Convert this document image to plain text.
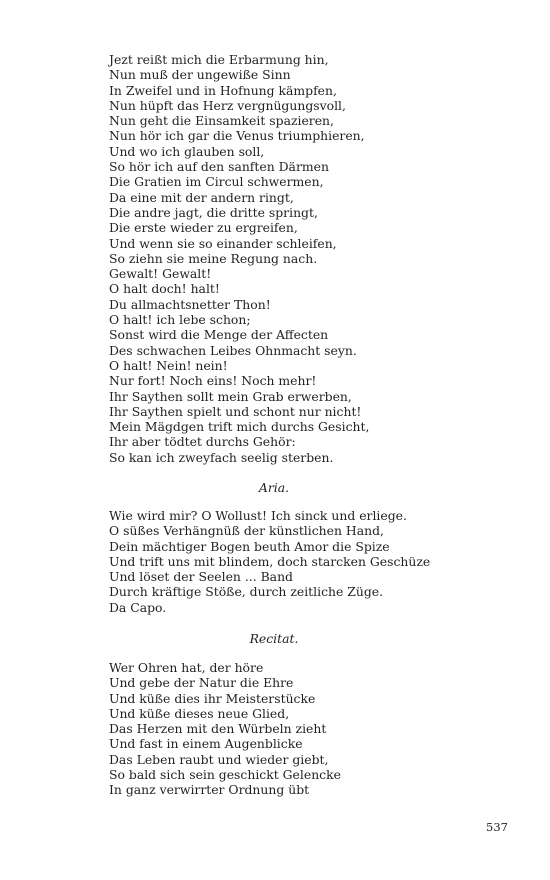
Jezt reißt mich die Erbarmung hin,
Nun muß der ungewiße Sinn
In Zweifel und in Hofnung kämpfen,
Nun hüpft das Herz vergnügungsvoll,
Nun geht die Einsamkeit spazieren,
Nun hör ich gar die Venus triumphieren,
Und wo ich glauben soll,
So hör ich auf den sanften Därmen
Die Gratien im Circul schwermen,
Da eine mit der andern ringt,
Die andre jagt, die dritte springt,
Die erste wieder zu ergreifen,
Und wenn sie so einander schleifen,
So ziehn sie meine Regung nach.
Gewalt! Gewalt!
O halt doch! halt!
Du allmachtsnetter Thon!
O halt! ich lebe schon;
Sonst wird die Menge der Affecten
Des schwachen Leibes Ohnmacht seyn.
O halt! Nein! nein!
Nur fort! Noch eins! Noch mehr!
Ihr Saythen sollt mein Grab erwerben,
Ihr Saythen spielt und schont nur nicht!
Mein Mägdgen trift mich durchs Gesicht,
Ihr aber tödtet durchs Gehör:
So kan ich zweyfach seelig sterben.
Aria.
Wie wird mir? O Wollust! Ich sinck und erliege.
O süßes Verhängnüß der künstlichen Hand,
Dein mächtiger Bogen beuth Amor die Spize
Und trift uns mit blindem, doch starcken Geschüze
Und löset der Seelen ... Band
Durch kräftige Stöße, durch zeitliche Züge.
Da Capo.
Recitat.
Wer Ohren hat, der höre
Und gebe der Natur die Ehre
Und küße dies ihr Meisterstücke
Und küße dieses neue Glied,
Das Herzen mit den Würbeln zieht
Und fast in einem Augenblicke
Das Leben raubt und wieder giebt,
So bald sich sein geschickt Gelencke
In ganz verwirrter Ordnung übt
537
